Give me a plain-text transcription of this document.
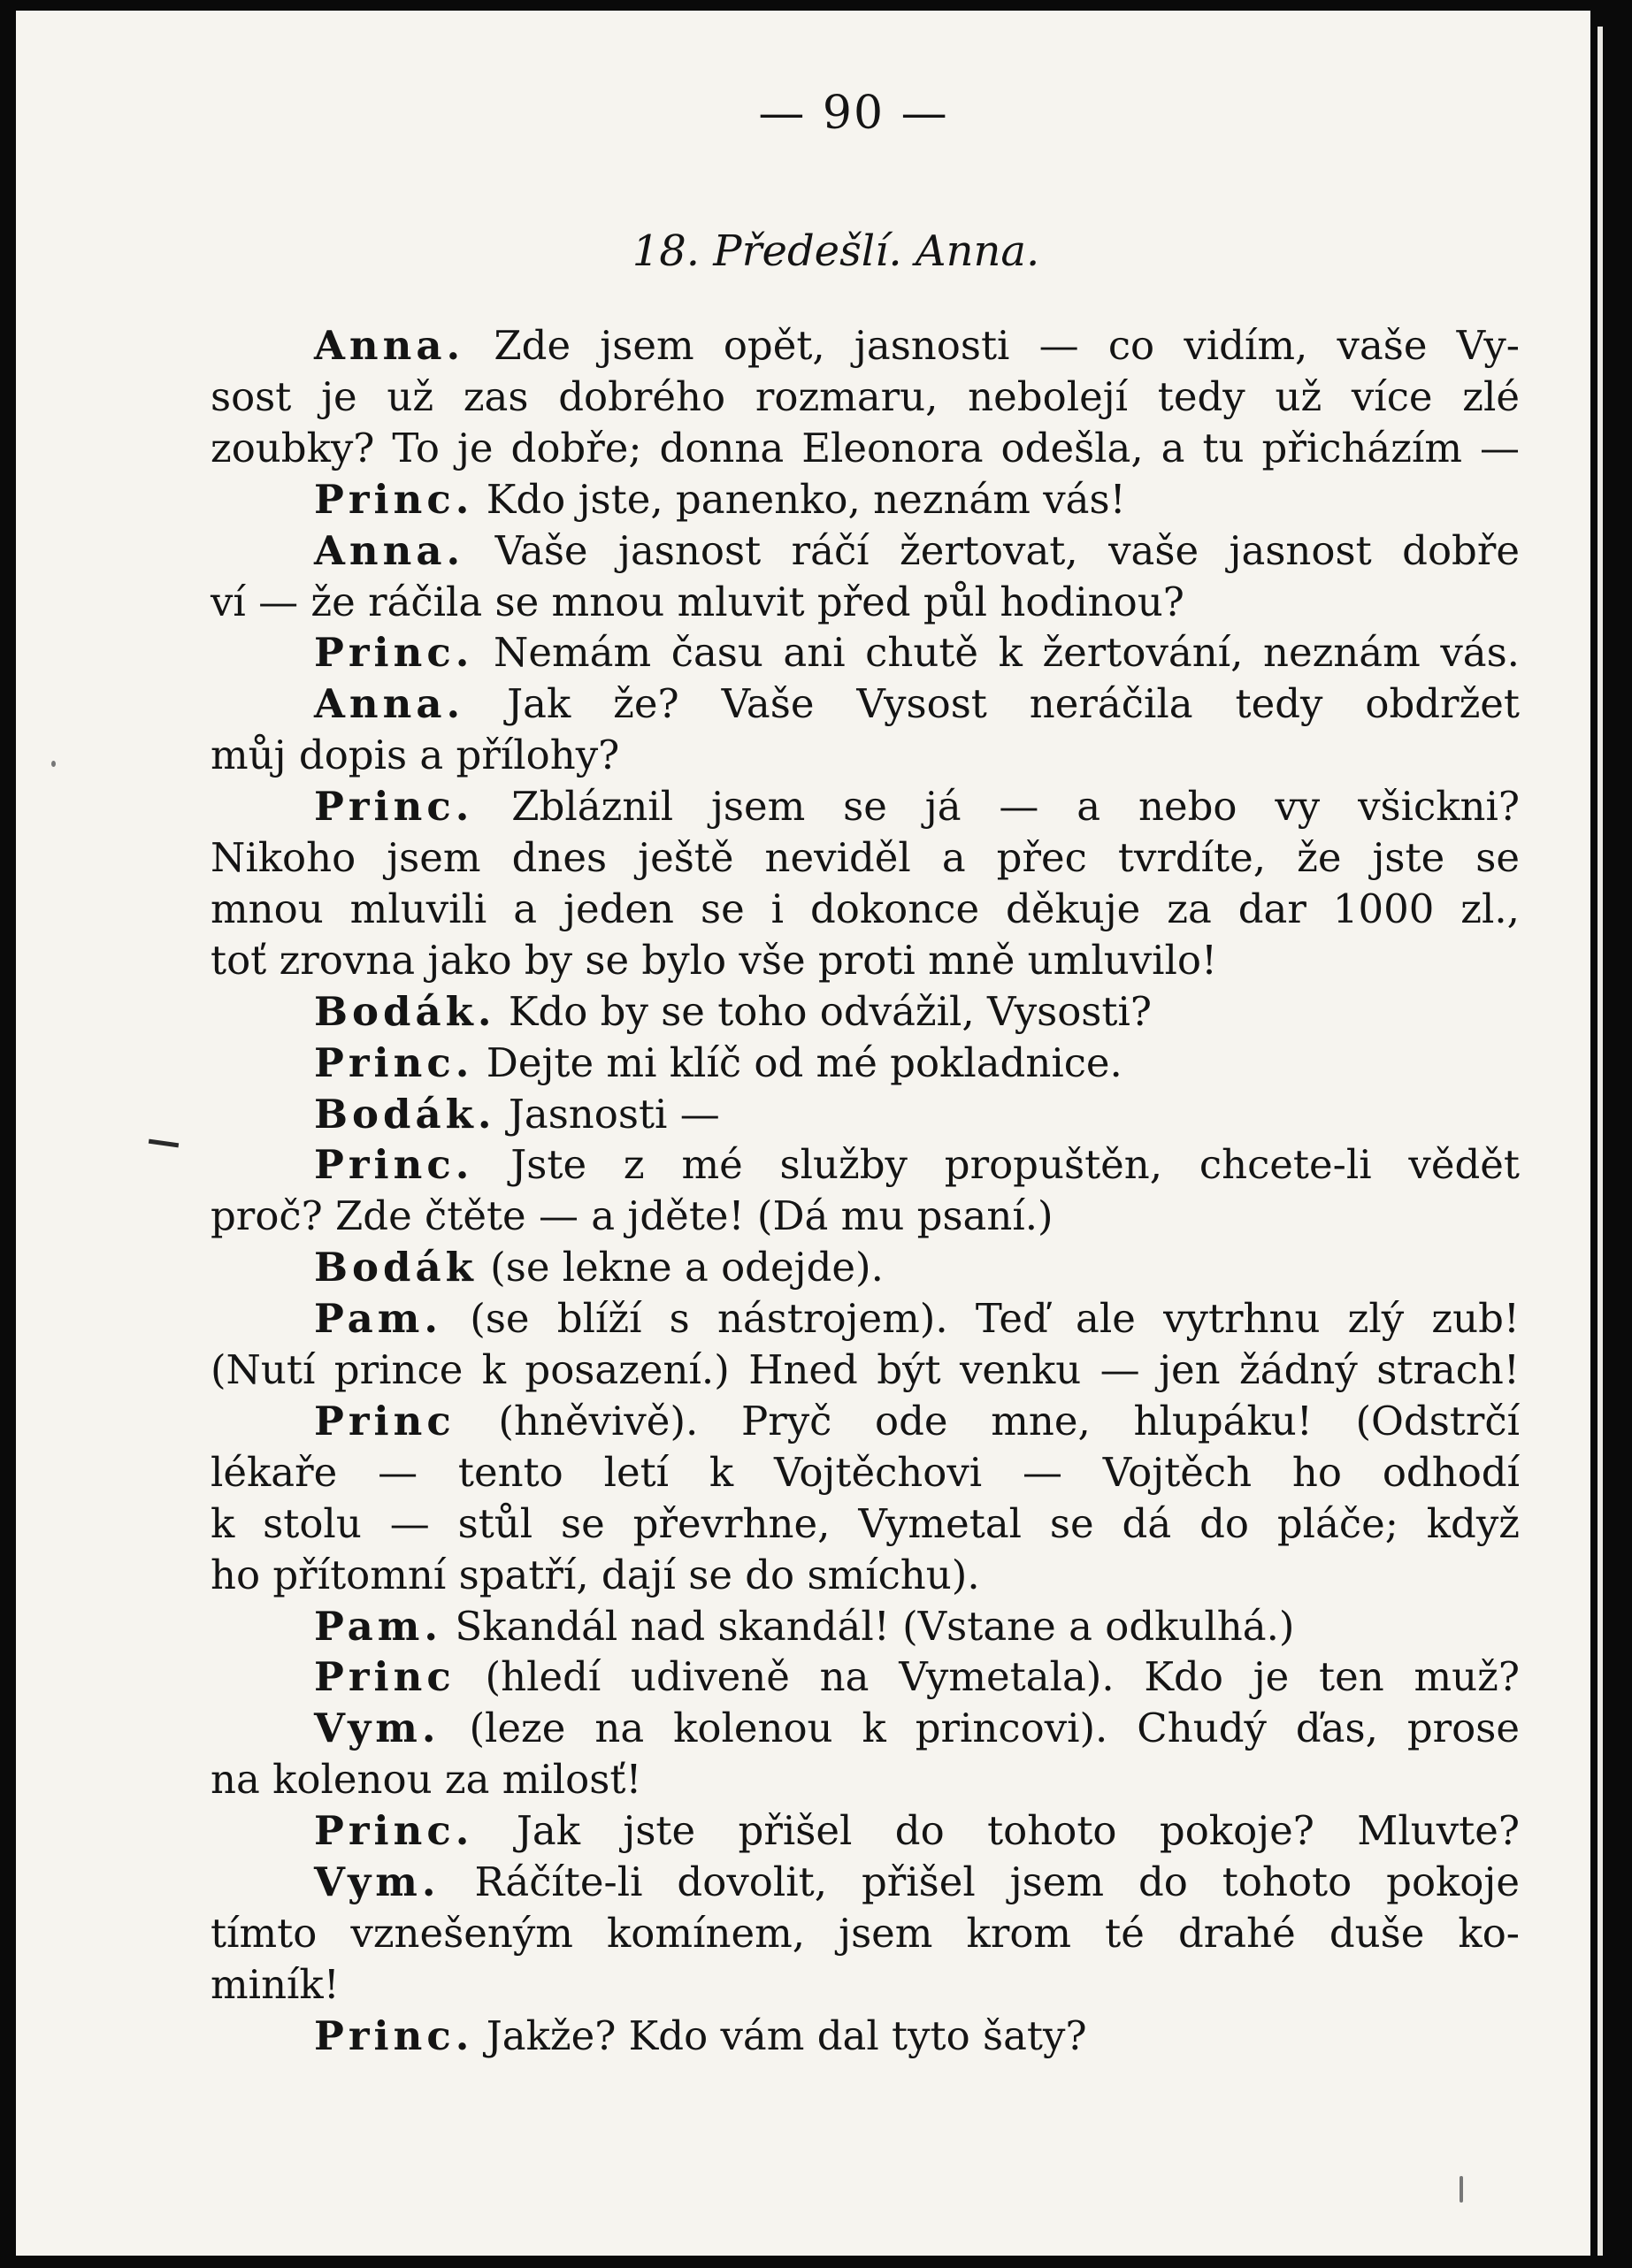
— 90 —
18. Předešlí. Anna.
Anna. Zde jsem opět, jasnosti — co vidím, vaše Vy-
sost je už zas dobrého rozmaru, nebolejí tedy už více zlé
zoubky? To je dobře; donna Eleonora odešla, a tu přicházím —
Princ. Kdo jste, panenko, neznám vás!
Anna. Vaše jasnost ráčí žertovat, vaše jasnost dobře
ví — že ráčila se mnou mluvit před půl hodinou?
Princ. Nemám času ani chutě k žertování, neznám vás.
Anna. Jak že? Vaše Vysost neráčila tedy obdržet
můj dopis a přílohy?
Princ. Zbláznil jsem se já — a nebo vy všickni?
Nikoho jsem dnes ještě neviděl a přec tvrdíte, že jste se
mnou mluvili a jeden se i dokonce děkuje za dar 1000 zl.,
toť zrovna jako by se bylo vše proti mně umluvilo!
Bodák. Kdo by se toho odvážil, Vysosti?
Princ. Dejte mi klíč od mé pokladnice.
Bodák. Jasnosti —
Princ. Jste z mé služby propuštěn, chcete-li vědět
proč? Zde čtěte — a jděte! (Dá mu psaní.)
Bodák (se lekne a odejde).
Pam. (se blíží s nástrojem). Teď ale vytrhnu zlý zub!
(Nutí prince k posazení.) Hned být venku — jen žádný strach!
Princ (hněvivě). Pryč ode mne, hlupáku! (Odstrčí
lékaře — tento letí k Vojtěchovi — Vojtěch ho odhodí
k stolu — stůl se převrhne, Vymetal se dá do pláče; když
ho přítomní spatří, dají se do smíchu).
Pam. Skandál nad skandál! (Vstane a odkulhá.)
Princ (hledí udiveně na Vymetala). Kdo je ten muž?
Vym. (leze na kolenou k princovi). Chudý ďas, prose
na kolenou za milosť!
Princ. Jak jste přišel do tohoto pokoje? Mluvte?
Vym. Ráčíte-li dovolit, přišel jsem do tohoto pokoje
tímto vznešeným komínem, jsem krom té drahé duše ko-
miník!
Princ. Jakže? Kdo vám dal tyto šaty?
